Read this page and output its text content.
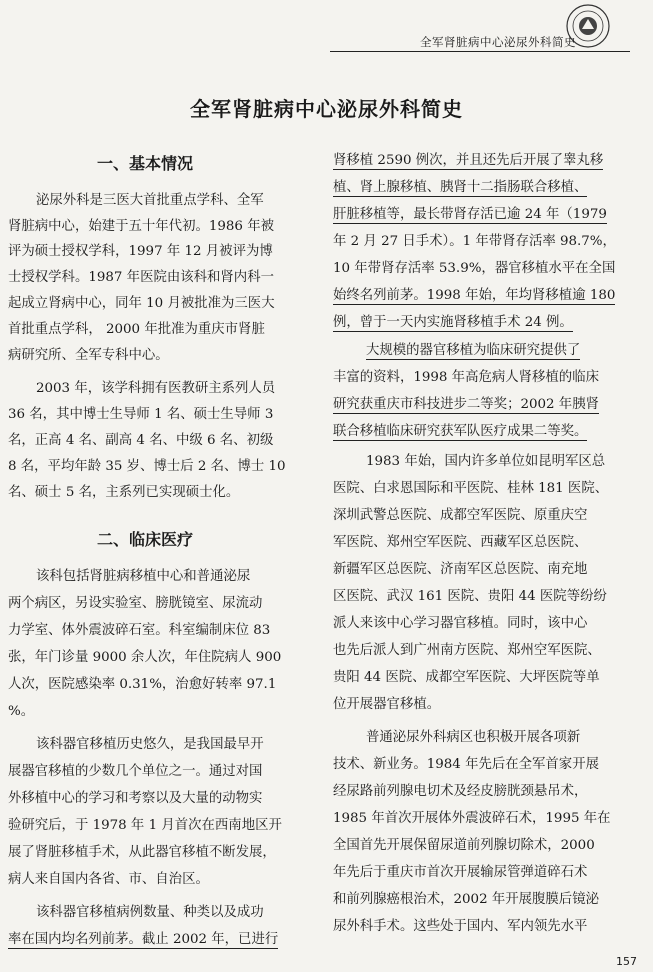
全军肾脏病中心泌尿外科简史
全军肾脏病中心泌尿外科简史
一、基本情况
二、临床医疗
泌尿外科是三医大首批重点学科、全军
肾脏病中心，始建于五十年代初。1986 年被
评为硕士授权学科，1997 年 12 月被评为博
士授权学科。1987 年医院由该科和肾内科一
起成立肾病中心，同年 10 月被批准为三医大
首批重点学科， 2000 年批准为重庆市肾脏
病研究所、全军专科中心。
2003 年，该学科拥有医教研主系列人员
36 名，其中博士生导师 1 名、硕士生导师 3
名，正高 4 名、副高 4 名、中级 6 名、初级
8 名，平均年龄 35 岁、博士后 2 名、博士 10
名、硕士 5 名，主系列已实现硕士化。
该科包括肾脏病移植中心和普通泌尿
两个病区，另设实验室、膀胱镜室、尿流动
力学室、体外震波碎石室。科室编制床位 83
张，年门诊量 9000 余人次，年住院病人 900
人次，医院感染率 0.31%，治愈好转率 97.1
%。
该科器官移植历史悠久，是我国最早开
展器官移植的少数几个单位之一。通过对国
外移植中心的学习和考察以及大量的动物实
验研究后，于 1978 年 1 月首次在西南地区开
展了肾脏移植手术，从此器官移植不断发展，
病人来自国内各省、市、自治区。
该科器官移植病例数量、种类以及成功
率在国内均名列前茅。截止 2002 年，已进行
肾移植 2590 例次，并且还先后开展了睾丸移
植、肾上腺移植、胰肾十二指肠联合移植、
肝脏移植等，最长带肾存活已逾 24 年（1979
年 2 月 27 日手术）。1 年带肾存活率 98.7%，
10 年带肾存活率 53.9%，器官移植水平在全国
始终名列前茅。1998 年始，年均肾移植逾 180
例，曾于一天内实施肾移植手术 24 例。
大规模的器官移植为临床研究提供了
丰富的资料，1998 年高危病人肾移植的临床
研究获重庆市科技进步二等奖；2002 年胰肾
联合移植临床研究获军队医疗成果二等奖。
1983 年始，国内许多单位如昆明军区总
医院、白求恩国际和平医院、桂林 181 医院、
深圳武警总医院、成都空军医院、原重庆空
军医院、郑州空军医院、西藏军区总医院、
新疆军区总医院、济南军区总医院、南充地
区医院、武汉 161 医院、贵阳 44 医院等纷纷
派人来该中心学习器官移植。同时，该中心
也先后派人到广州南方医院、郑州空军医院、
贵阳 44 医院、成都空军医院、大坪医院等单
位开展器官移植。
普通泌尿外科病区也积极开展各项新
技术、新业务。1984 年先后在全军首家开展
经尿路前列腺电切术及经皮膀胱颈悬吊术，
1985 年首次开展体外震波碎石术，1995 年在
全国首先开展保留尿道前列腺切除术，2000
年先后于重庆市首次开展输尿管弹道碎石术
和前列腺癌根治术，2002 年开展腹膜后镜泌
尿外科手术。这些处于国内、军内领先水平
157
